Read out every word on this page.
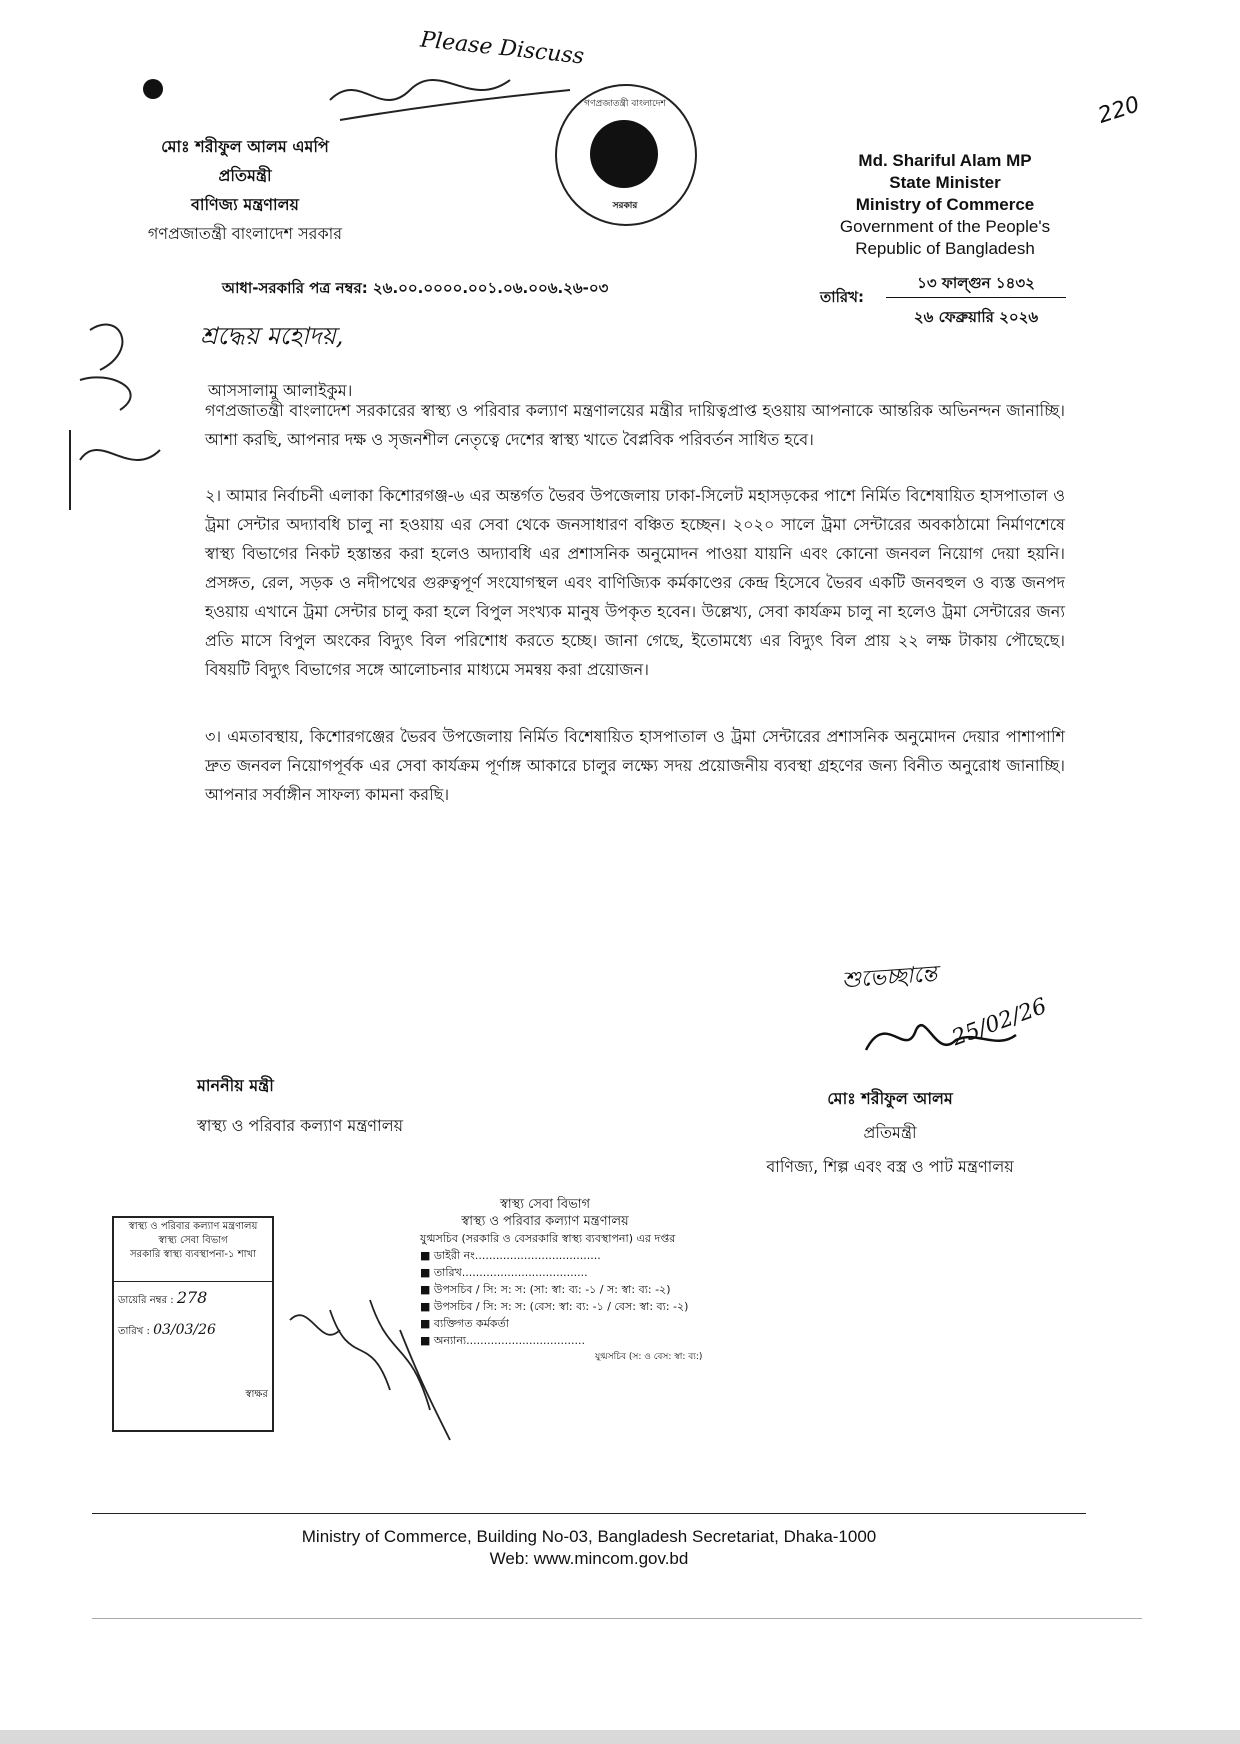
220
Please Discuss
গণপ্রজাতন্ত্রী বাংলাদেশ
সরকার
মোঃ শরীফুল আলম এমপি
প্রতিমন্ত্রী
বাণিজ্য মন্ত্রণালয়
গণপ্রজাতন্ত্রী বাংলাদেশ সরকার
Md. Shariful Alam MP
State Minister
Ministry of Commerce
Government of the People's
Republic of Bangladesh
আধা-সরকারি পত্র নম্বর: ২৬.০০.০০০০.০০১.০৬.০০৬.২৬-০৩	তারিখ:
১৩ ফাল্গুন ১৪৩২
২৬ ফেব্রুয়ারি ২০২৬
শ্রদ্ধেয় মহোদয়,
আসসালামু আলাইকুম।
গণপ্রজাতন্ত্রী বাংলাদেশ সরকারের স্বাস্থ্য ও পরিবার কল্যাণ মন্ত্রণালয়ের মন্ত্রীর দায়িত্বপ্রাপ্ত হওয়ায় আপনাকে আন্তরিক অভিনন্দন জানাচ্ছি। আশা করছি, আপনার দক্ষ ও সৃজনশীল নেতৃত্বে দেশের স্বাস্থ্য খাতে বৈপ্লবিক পরিবর্তন সাধিত হবে।
২। আমার নির্বাচনী এলাকা কিশোরগঞ্জ-৬ এর অন্তর্গত ভৈরব উপজেলায় ঢাকা-সিলেট মহাসড়কের পাশে নির্মিত বিশেষায়িত হাসপাতাল ও ট্রমা সেন্টার অদ্যাবধি চালু না হওয়ায় এর সেবা থেকে জনসাধারণ বঞ্চিত হচ্ছেন। ২০২০ সালে ট্রমা সেন্টারের অবকাঠামো নির্মাণশেষে স্বাস্থ্য বিভাগের নিকট হস্তান্তর করা হলেও অদ্যাবধি এর প্রশাসনিক অনুমোদন পাওয়া যায়নি এবং কোনো জনবল নিয়োগ দেয়া হয়নি। প্রসঙ্গত, রেল, সড়ক ও নদীপথের গুরুত্বপূর্ণ সংযোগস্থল এবং বাণিজ্যিক কর্মকাণ্ডের কেন্দ্র হিসেবে ভৈরব একটি জনবহুল ও ব্যস্ত জনপদ হওয়ায় এখানে ট্রমা সেন্টার চালু করা হলে বিপুল সংখ্যক মানুষ উপকৃত হবেন। উল্লেখ্য, সেবা কার্যক্রম চালু না হলেও ট্রমা সেন্টারের জন্য প্রতি মাসে বিপুল অংকের বিদ্যুৎ বিল পরিশোধ করতে হচ্ছে। জানা গেছে, ইতোমধ্যে এর বিদ্যুৎ বিল প্রায় ২২ লক্ষ টাকায় পৌছেছে। বিষয়টি বিদ্যুৎ বিভাগের সঙ্গে আলোচনার মাধ্যমে সমন্বয় করা প্রয়োজন।
৩। এমতাবস্থায়, কিশোরগঞ্জের ভৈরব উপজেলায় নির্মিত বিশেষায়িত হাসপাতাল ও ট্রমা সেন্টারের প্রশাসনিক অনুমোদন দেয়ার পাশাপাশি দ্রুত জনবল নিয়োগপূর্বক এর সেবা কার্যক্রম পূর্ণাঙ্গ আকারে চালুর লক্ষ্যে সদয় প্রয়োজনীয় ব্যবস্থা গ্রহণের জন্য বিনীত অনুরোধ জানাচ্ছি। আপনার সর্বাঙ্গীন সাফল্য কামনা করছি।
শুভেচ্ছান্তে
25/02/26
মাননীয় মন্ত্রী
স্বাস্থ্য ও পরিবার কল্যাণ মন্ত্রণালয়
মোঃ শরীফুল আলম
প্রতিমন্ত্রী
বাণিজ্য, শিল্প এবং বস্ত্র ও পাট মন্ত্রণালয়
স্বাস্থ্য ও পরিবার কল্যাণ মন্ত্রণালয়
স্বাস্থ্য সেবা বিভাগ
সরকারি স্বাস্থ্য ব্যবস্থাপনা-১ শাখা
ডায়েরি নম্বর : 278
তারিখ : 03/03/26
স্বাক্ষর
স্বাস্থ্য সেবা বিভাগ
স্বাস্থ্য ও পরিবার কল্যাণ মন্ত্রণালয়
যুগ্মসচিব (সরকারি ও বেসরকারি স্বাস্থ্য ব্যবস্থাপনা) এর দপ্তর
■ ডাইরী নং....................................
■ তারিখ....................................
■ উপসচিব / সি: স: স: (সা: স্বা: ব্য: -১ / স: স্বা: ব্য: -২)
■ উপসচিব / সি: স: স: (বেস: স্বা: ব্য: -১ / বেস: স্বা: ব্য: -২)
■ ব্যক্তিগত কর্মকর্তা
■ অন্যান্য..................................
যুগ্মসচিব (স: ও বেস: স্বা: ব্য:)
Ministry of Commerce, Building No-03, Bangladesh Secretariat, Dhaka-1000
Web: www.mincom.gov.bd
